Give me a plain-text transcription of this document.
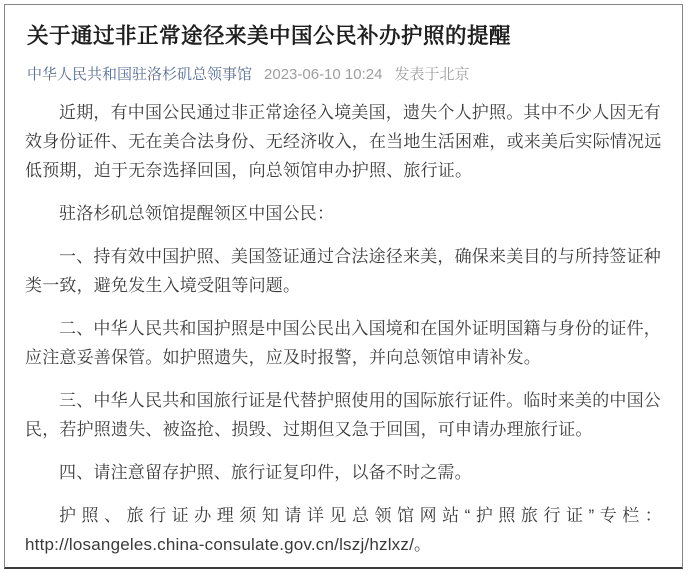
关于通过非正常途径来美中国公民补办护照的提醒
中华人民共和国驻洛杉矶总领事馆 2023-06-10 10:24 发表于北京

近期，有中国公民通过非正常途径入境美国，遗失个人护照。其中不少人因无有效身份证件、无在美合法身份、无经济收入，在当地生活困难，或来美后实际情况远低预期，迫于无奈选择回国，向总领馆申办护照、旅行证。

驻洛杉矶总领馆提醒领区中国公民：

一、持有效中国护照、美国签证通过合法途径来美，确保来美目的与所持签证种类一致，避免发生入境受阻等问题。

二、中华人民共和国护照是中国公民出入国境和在国外证明国籍与身份的证件，应注意妥善保管。如护照遗失，应及时报警，并向总领馆申请补发。

三、中华人民共和国旅行证是代替护照使用的国际旅行证件。临时来美的中国公民，若护照遗失、被盗抢、损毁、过期但又急于回国，可申请办理旅行证。

四、请注意留存护照、旅行证复印件，以备不时之需。

护照、旅行证办理须知请详见总领馆网站“护照旅行证”专栏：http://losangeles.china-consulate.gov.cn/lszj/hzlxz/。
